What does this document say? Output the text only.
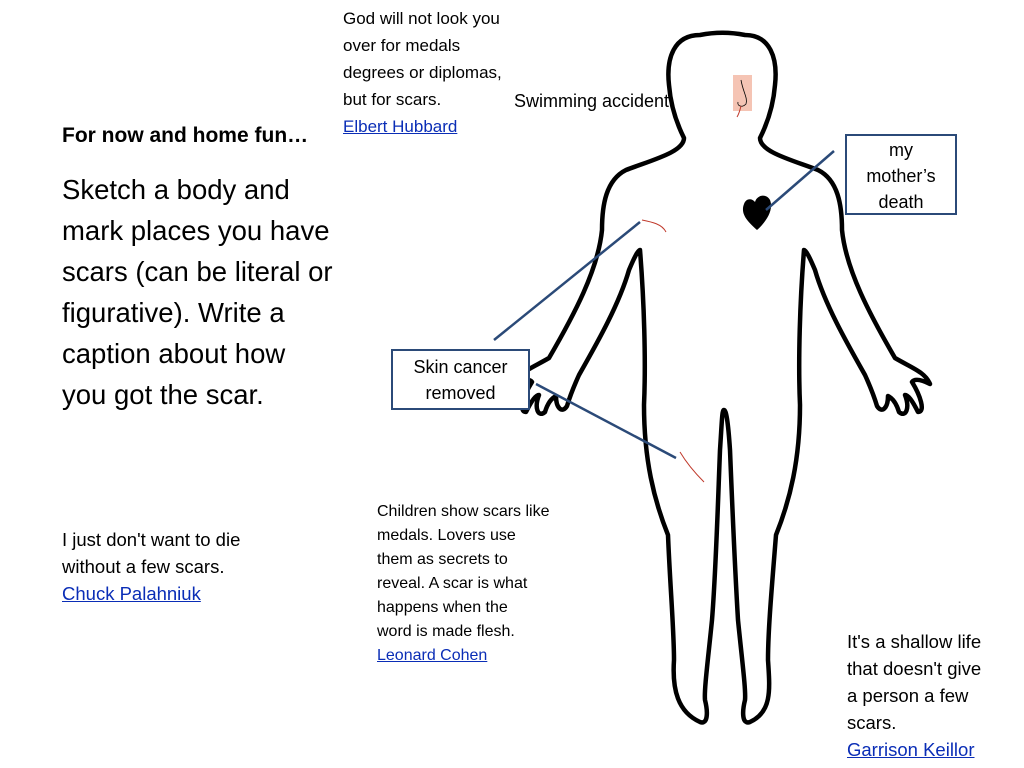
God will not look you
over for medals
degrees or diplomas,
but for scars.
Elbert Hubbard
Swimming accident
For now and home fun…
Sketch a body and
mark places you have
scars (can be literal or
figurative). Write a
caption about how
you got the scar.
my
mother’s
death
Skin cancer
removed
I just don't want to die
without a few scars.
Chuck Palahniuk
Children show scars like
medals. Lovers use
them as secrets to
reveal. A scar is what
happens when the
word is made flesh.
Leonard Cohen
It's a shallow life
that doesn't give
a person a few
scars.
Garrison Keillor
